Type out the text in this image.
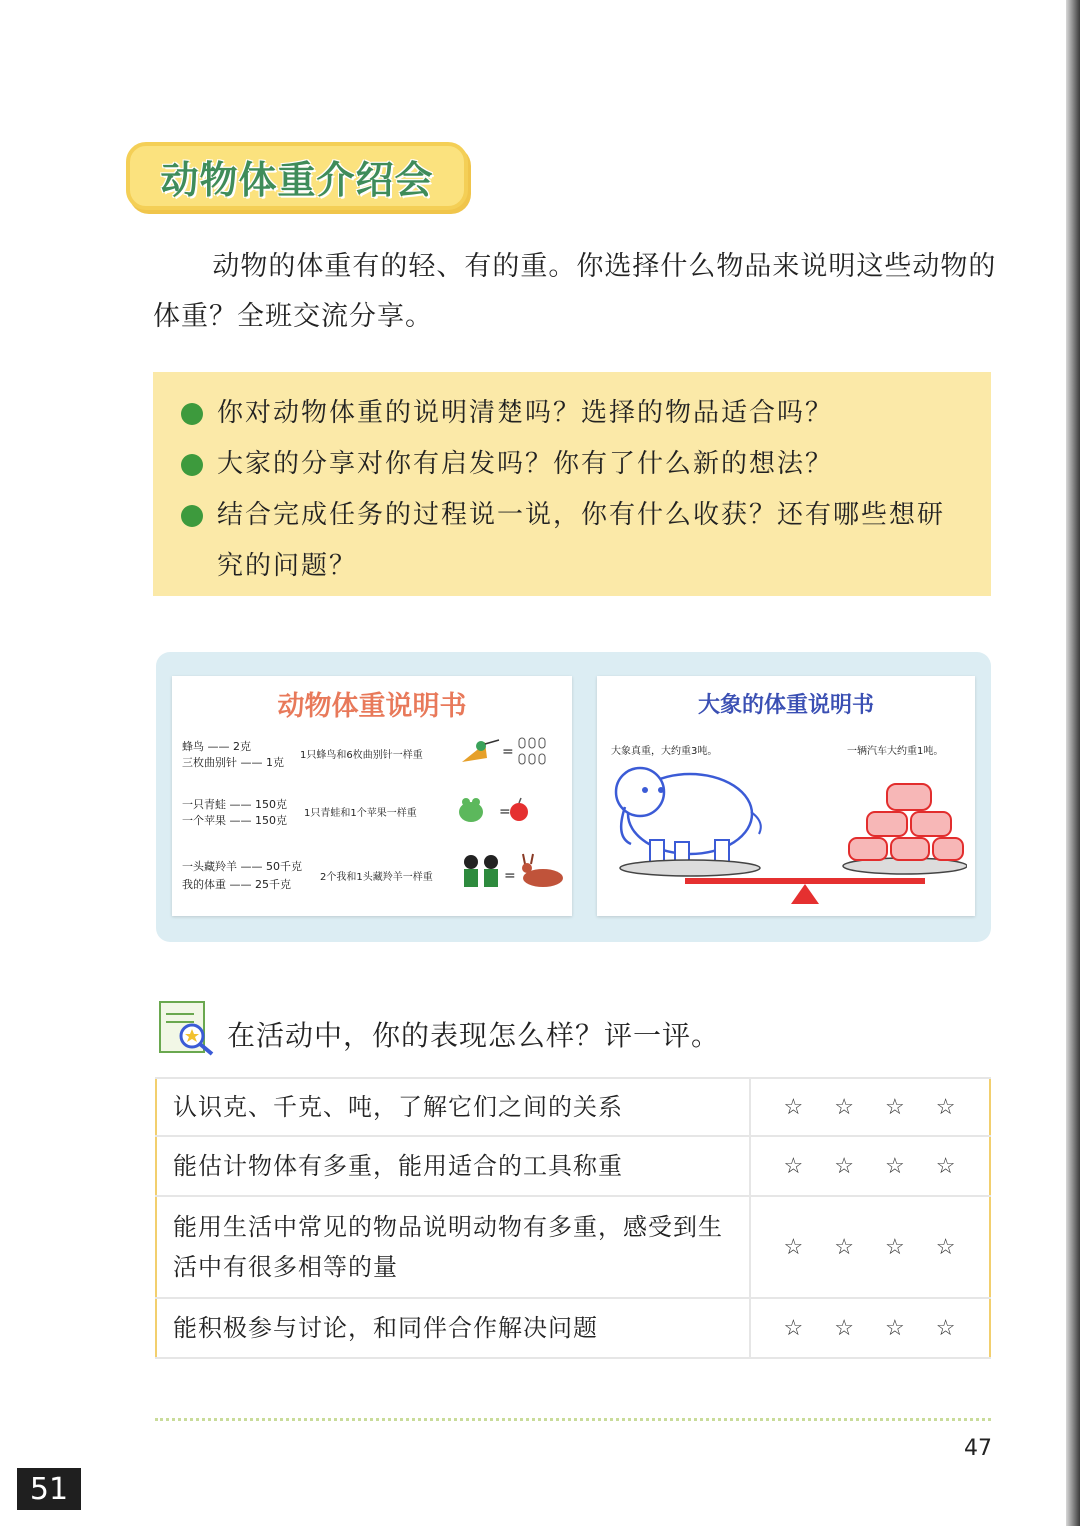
动物体重介绍会

动物的体重有的轻、有的重。你选择什么物品来说明这些动物的体重？全班交流分享。

你对动物体重的说明清楚吗？选择的物品适合吗？
大家的分享对你有启发吗？你有了什么新的想法？
结合完成任务的过程说一说，你有什么收获？还有哪些想研究的问题？
动物体重说明书
蜂鸟 —— 2克
三枚曲别针 —— 1克
1只蜂鸟和6枚曲别针一样重	=
一只青蛙 —— 150克
一个苹果 —— 150克
1只青蛙和1个苹果一样重	=
一头藏羚羊 —— 50千克
我的体重 —— 25千克
2个我和1头藏羚羊一样重	=
大象的体重说明书
大象真重，大约重3吨。	一辆汽车大约重1吨。
在活动中，你的表现怎么样？评一评。
认识克、千克、吨，了解它们之间的关系	☆ ☆ ☆ ☆

能估计物体有多重，能用适合的工具称重	☆ ☆ ☆ ☆

能用生活中常见的物品说明动物有多重，感受到生活中有很多相等的量	☆ ☆ ☆ ☆

能积极参与讨论，和同伴合作解决问题	☆ ☆ ☆ ☆
47
51
